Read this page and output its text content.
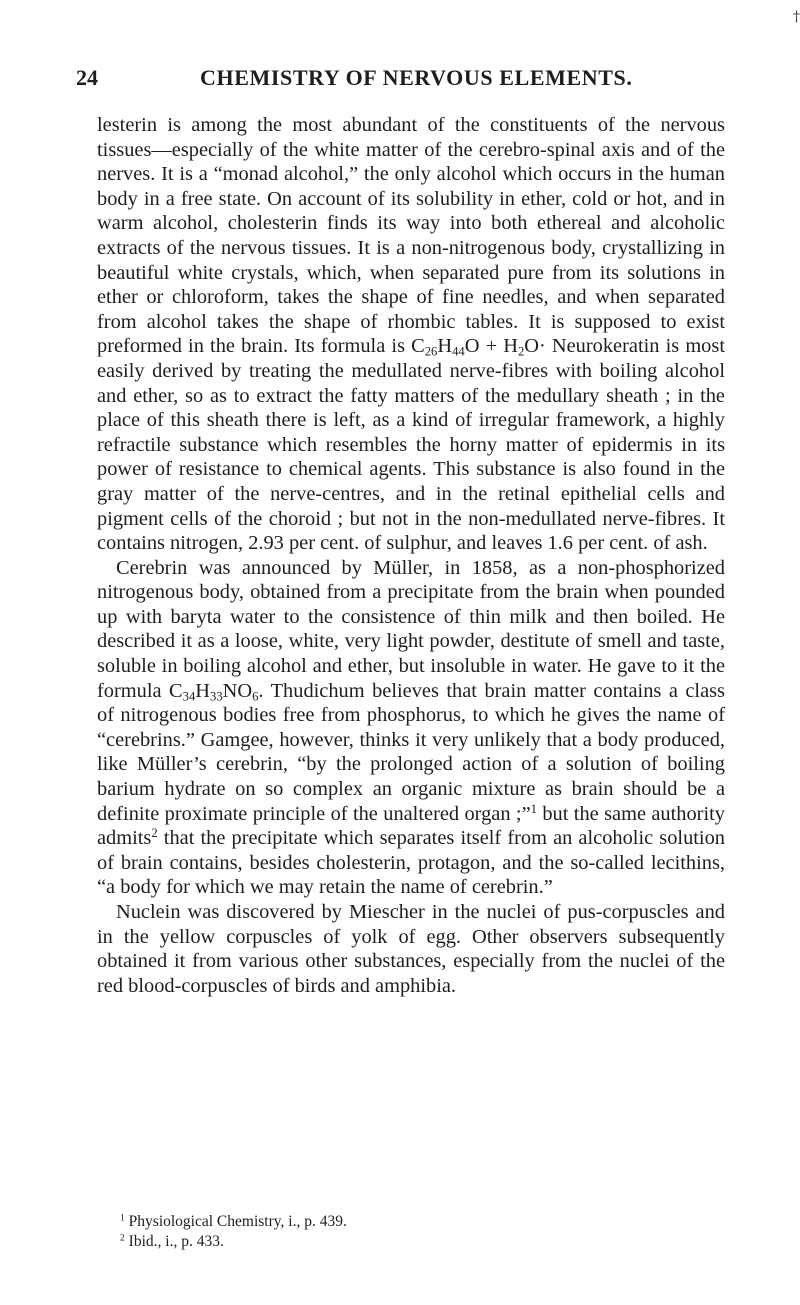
†
24	CHEMISTRY OF NERVOUS ELEMENTS.

lesterin is among the most abundant of the constituents of the nervous tissues—especially of the white matter of the cerebro-spinal axis and of the nerves. It is a “monad alcohol,” the only alcohol which occurs in the human body in a free state. On account of its solubility in ether, cold or hot, and in warm alcohol, cholesterin finds its way into both ethereal and alcoholic extracts of the nervous tissues. It is a non-nitrogenous body, crystallizing in beautiful white crystals, which, when separated pure from its solutions in ether or chloroform, takes the shape of fine needles, and when separated from alcohol takes the shape of rhombic tables. It is supposed to exist preformed in the brain. Its formula is $C_{26}H_{44}O + H_2O\cdot$ Neurokeratin is most easily derived by treating the medullated nerve-fibres with boiling alcohol and ether, so as to extract the fatty matters of the medullary sheath ; in the place of this sheath there is left, as a kind of irregular framework, a highly refractile substance which resembles the horny matter of epidermis in its power of resistance to chemical agents. This substance is also found in the gray matter of the nerve-centres, and in the retinal epithelial cells and pigment cells of the choroid ; but not in the non-medullated nerve-fibres. It contains nitrogen, 2.93 per cent. of sulphur, and leaves 1.6 per cent. of ash.

Cerebrin was announced by Müller, in 1858, as a non-phosphorized nitrogenous body, obtained from a precipitate from the brain when pounded up with baryta water to the consistence of thin milk and then boiled. He described it as a loose, white, very light powder, destitute of smell and taste, soluble in boiling alcohol and ether, but insoluble in water. He gave to it the formula $C_{34}H_{33}NO_6$. Thudichum believes that brain matter contains a class of nitrogenous bodies free from phosphorus, to which he gives the name of “cerebrins.” Gamgee, however, thinks it very unlikely that a body produced, like Müller’s cerebrin, “by the prolonged action of a solution of boiling barium hydrate on so complex an organic mixture as brain should be a definite proximate principle of the unaltered organ ;”$^1$ but the same authority admits$^2$ that the precipitate which separates itself from an alcoholic solution of brain contains, besides cholesterin, protagon, and the so-called lecithins, “a body for which we may retain the name of cerebrin.”

Nuclein was discovered by Miescher in the nuclei of pus-corpuscles and in the yellow corpuscles of yolk of egg. Other observers subsequently obtained it from various other substances, especially from the nuclei of the red blood-corpuscles of birds and amphibia.

$^1$ Physiological Chemistry, i., p. 439.

$^2$ Ibid., i., p. 433.
